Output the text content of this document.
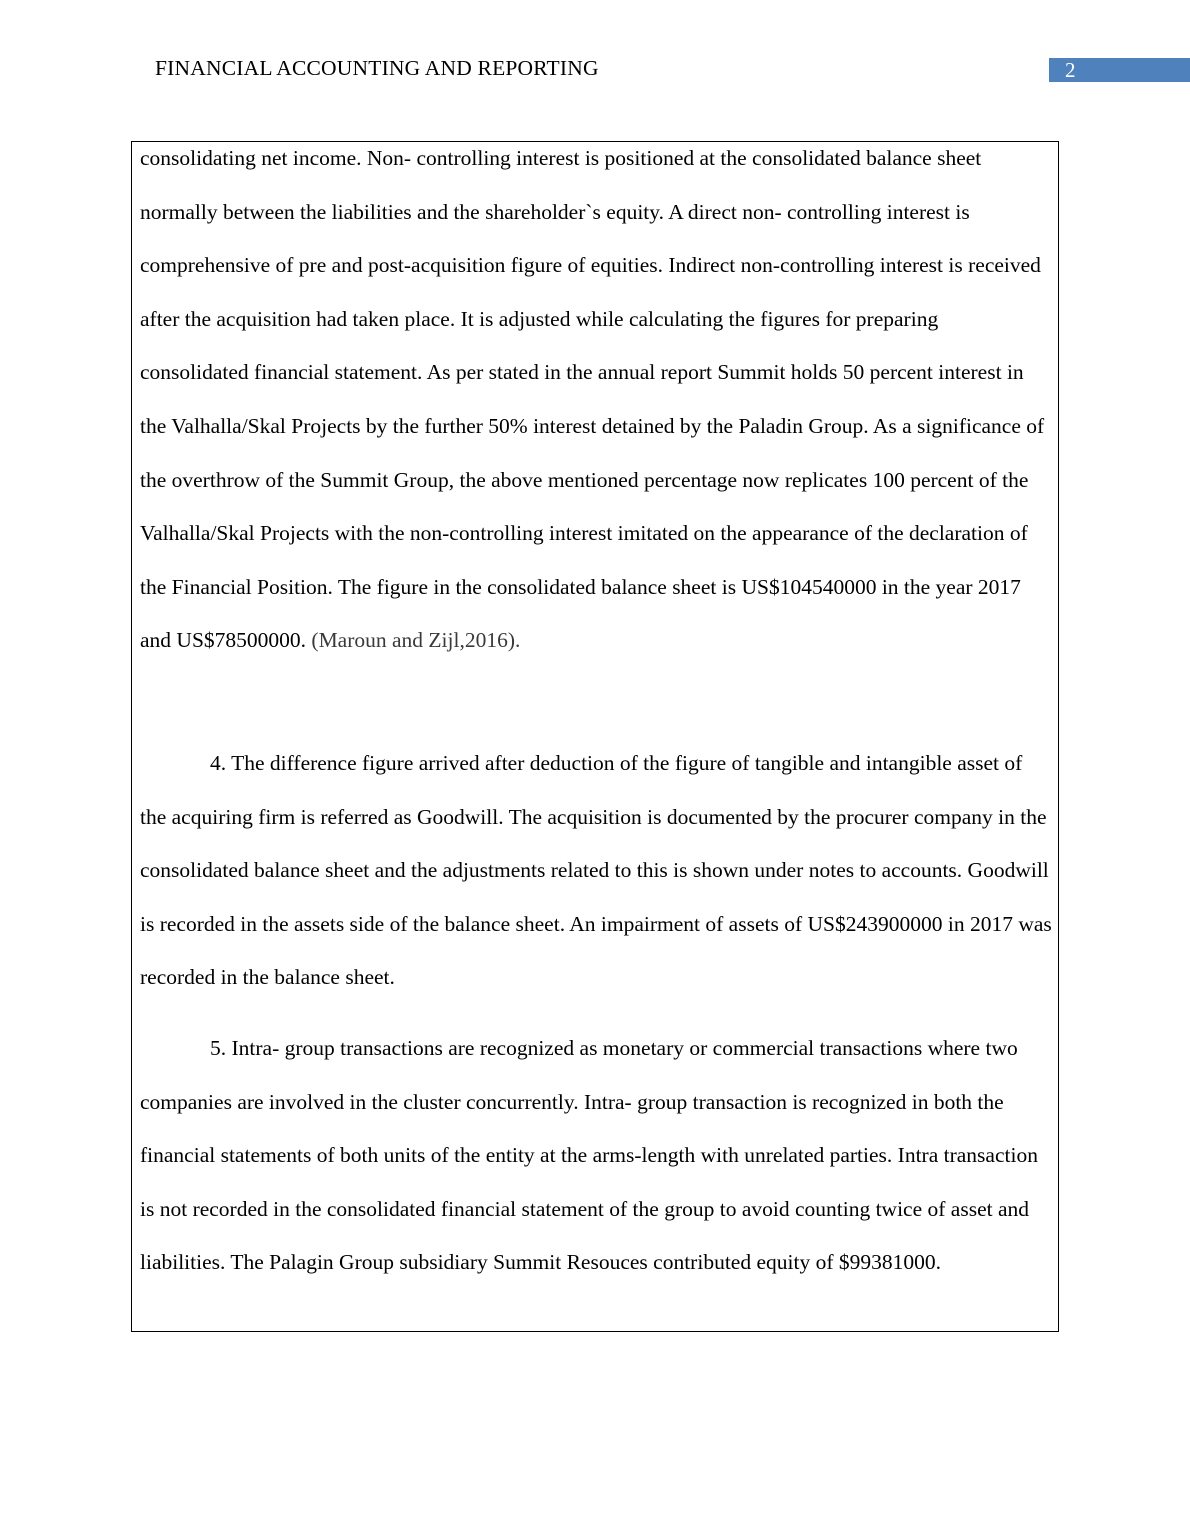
FINANCIAL ACCOUNTING AND REPORTING	2

consolidating net income. Non- controlling interest is positioned at the consolidated balance sheet normally between the liabilities and the shareholder`s equity. A direct non- controlling interest is comprehensive of pre and post-acquisition figure of equities. Indirect non-controlling interest is received after the acquisition had taken place. It is adjusted while calculating the figures for preparing consolidated financial statement. As per stated in the annual report Summit holds 50 percent interest in the Valhalla/Skal Projects by the further 50% interest detained by the Paladin Group. As a significance of the overthrow of the Summit Group, the above mentioned percentage now replicates 100 percent of the Valhalla/Skal Projects with the non-controlling interest imitated on the appearance of the declaration of the Financial Position. The figure in the consolidated balance sheet is US$104540000 in the year 2017 and US$78500000. (Maroun and Zijl,2016).

4. The difference figure arrived after deduction of the figure of tangible and intangible asset of the acquiring firm is referred as Goodwill. The acquisition is documented by the procurer company in the consolidated balance sheet and the adjustments related to this is shown under notes to accounts. Goodwill is recorded in the assets side of the balance sheet. An impairment of assets of US$243900000 in 2017 was recorded in the balance sheet.

5. Intra- group transactions are recognized as monetary or commercial transactions where two companies are involved in the cluster concurrently. Intra- group transaction is recognized in both the financial statements of both units of the entity at the arms-length with unrelated parties. Intra transaction is not recorded in the consolidated financial statement of the group to avoid counting twice of asset and liabilities. The Palagin Group subsidiary Summit Resouces contributed equity of $99381000.
